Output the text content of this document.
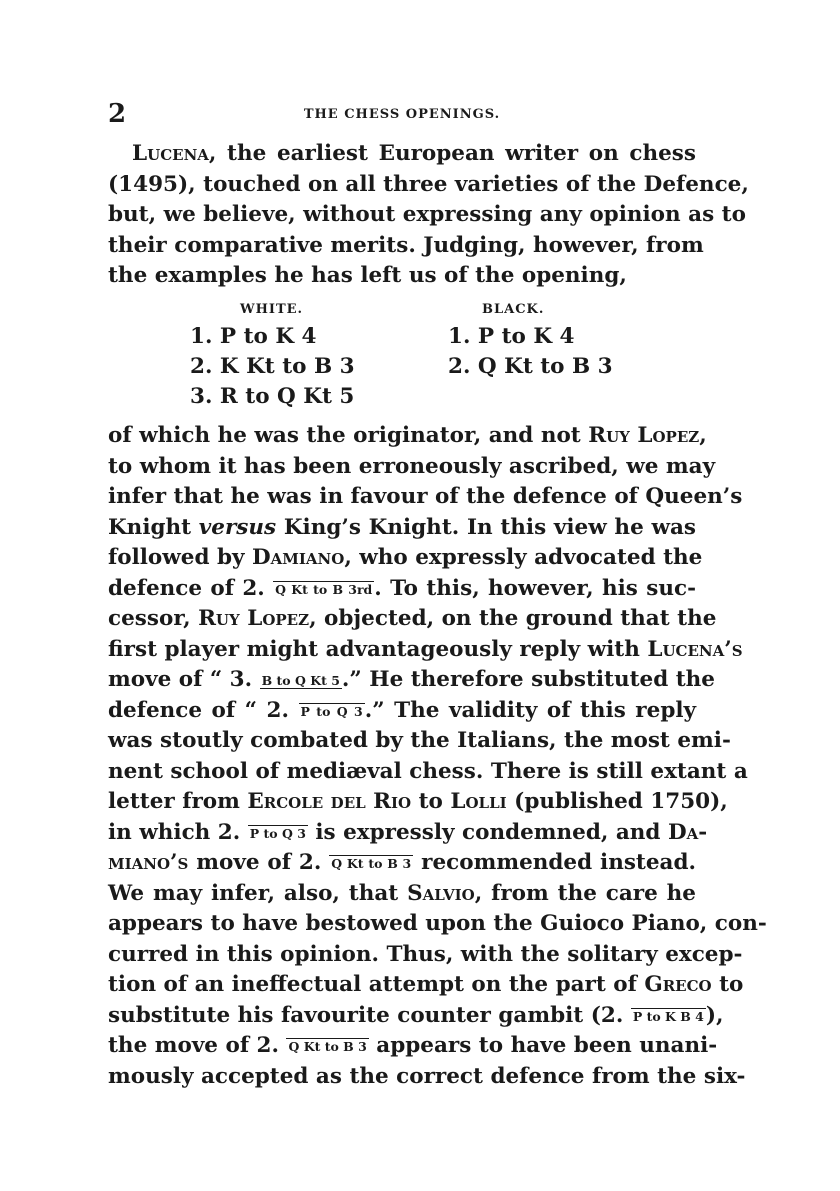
2	THE CHESS OPENINGS.
Lucena, the earliest European writer on chess
(1495), touched on all three varieties of the Defence,
but, we believe, without expressing any opinion as to
their comparative merits. Judging, however, from
the examples he has left us of the opening,
WHITE.	BLACK.
1. P to K 4
2. K Kt to B 3
3. R to Q Kt 5
1. P to K 4
2. Q Kt to B 3
of which he was the originator, and not Ruy Lopez,
to whom it has been erroneously ascribed, we may
infer that he was in favour of the defence of Queen’s
Knight versus King’s Knight. In this view he was
followed by Damiano, who expressly advocated the
defence of 2. Q Kt to B 3rd. To this, however, his suc-
cessor, Ruy Lopez, objected, on the ground that the
first player might advantageously reply with Lucena’s
move of “ 3. B to Q Kt 5.” He therefore substituted the
defence of “ 2. P to Q 3.” The validity of this reply
was stoutly combated by the Italians, the most emi-
nent school of mediæval chess. There is still extant a
letter from Ercole del Rio to Lolli (published 1750),
in which 2. P to Q 3 is expressly condemned, and Da-
miano’s move of 2. Q Kt to B 3 recommended instead.
We may infer, also, that Salvio, from the care he
appears to have bestowed upon the Guioco Piano, con-
curred in this opinion. Thus, with the solitary excep-
tion of an ineffectual attempt on the part of Greco to
substitute his favourite counter gambit (2. P to K B 4),
the move of 2. Q Kt to B 3 appears to have been unani-
mously accepted as the correct defence from the six-
